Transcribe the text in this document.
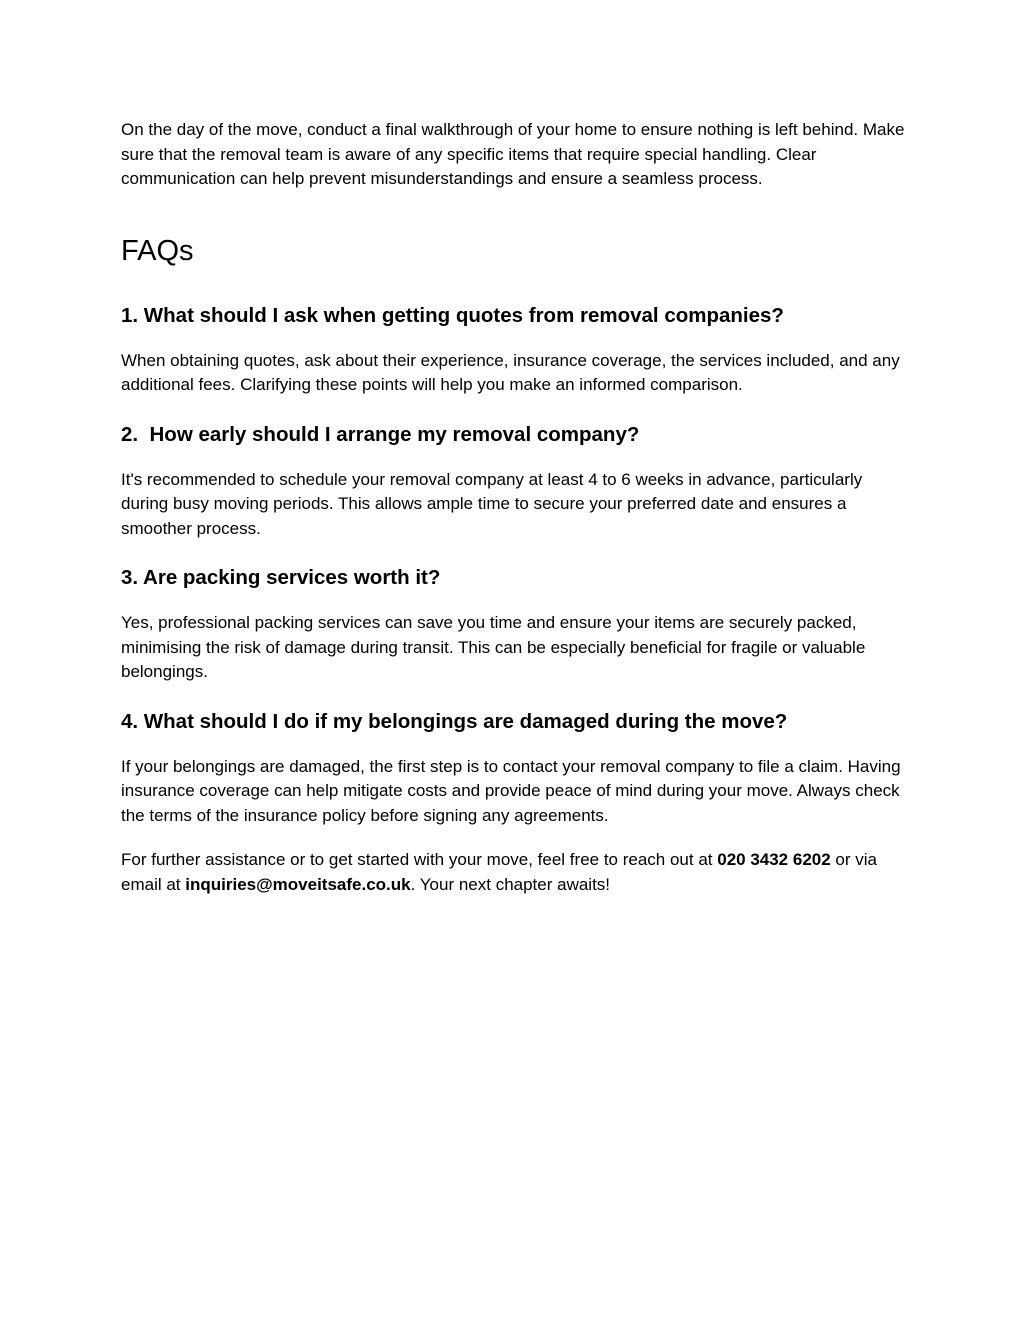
On the day of the move, conduct a final walkthrough of your home to ensure nothing is left behind. Make sure that the removal team is aware of any specific items that require special handling. Clear communication can help prevent misunderstandings and ensure a seamless process.

FAQs
1. What should I ask when getting quotes from removal companies?

When obtaining quotes, ask about their experience, insurance coverage, the services included, and any additional fees. Clarifying these points will help you make an informed comparison.

2.  How early should I arrange my removal company?

It's recommended to schedule your removal company at least 4 to 6 weeks in advance, particularly during busy moving periods. This allows ample time to secure your preferred date and ensures a smoother process.

3. Are packing services worth it?

Yes, professional packing services can save you time and ensure your items are securely packed, minimising the risk of damage during transit. This can be especially beneficial for fragile or valuable belongings.

4. What should I do if my belongings are damaged during the move?

If your belongings are damaged, the first step is to contact your removal company to file a claim. Having insurance coverage can help mitigate costs and provide peace of mind during your move. Always check the terms of the insurance policy before signing any agreements.

For further assistance or to get started with your move, feel free to reach out at 020 3432 6202 or via email at inquiries@moveitsafe.co.uk. Your next chapter awaits!
